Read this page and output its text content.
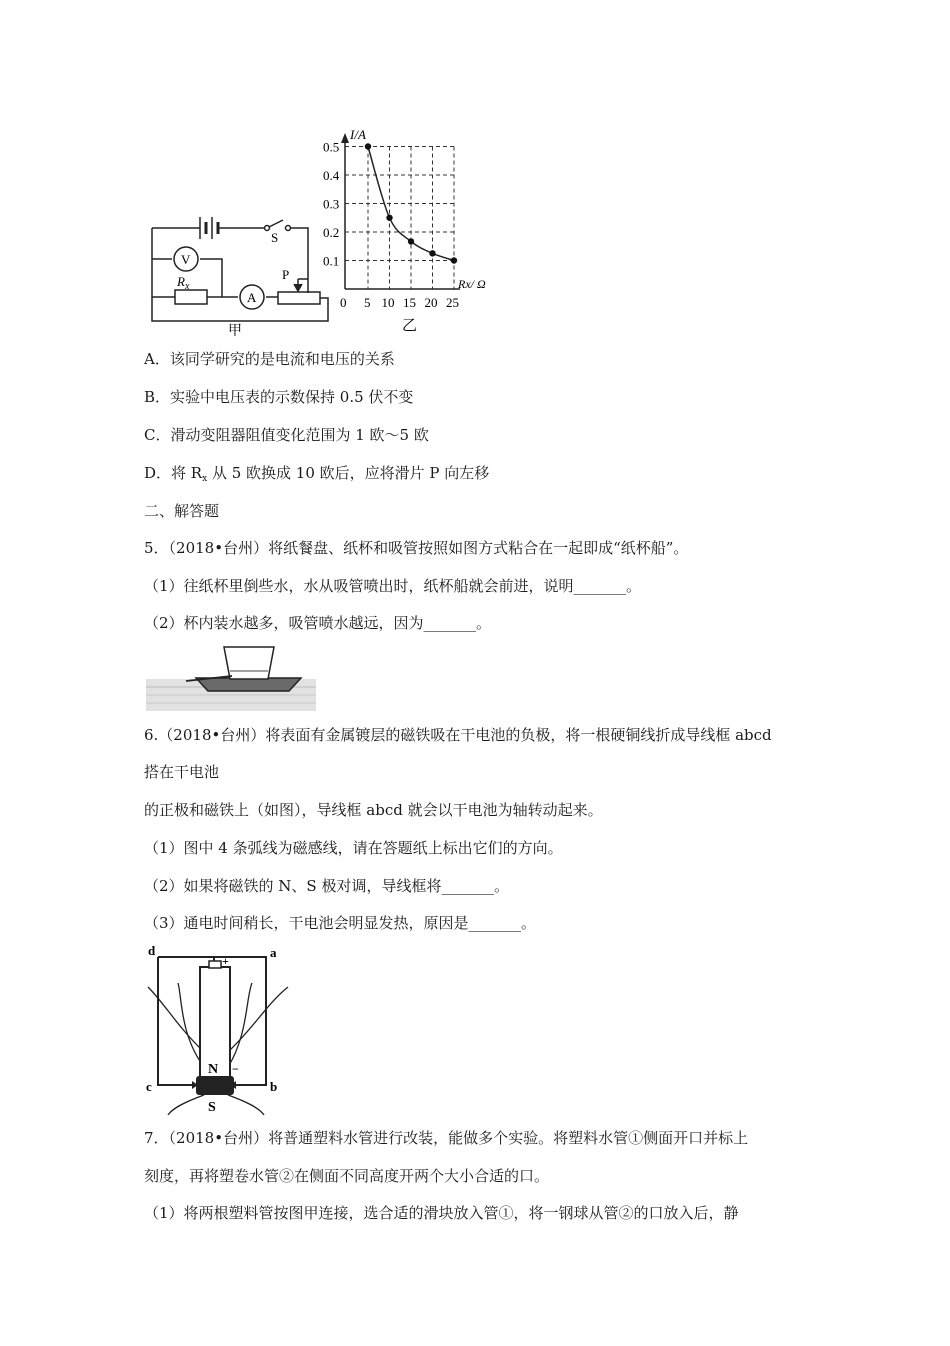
V
A
S
$R_x$
P
甲
I/A
Rx/ Ω
0
0.5
0.4
0.3
0.2
0.1
5 10 15 20 25
乙
A．该同学研究的是电流和电压的关系
B．实验中电压表的示数保持 0.5 伏不变
C．滑动变阻器阻值变化范围为 1 欧～5 欧
D．将 $R_x$ 从 5 欧换成 10 欧后，应将滑片 P 向左移
二、解答题
5．（2018•台州）将纸餐盘、纸杯和吸管按照如图方式粘合在一起即成“纸杯船”。
（1）往纸杯里倒些水，水从吸管喷出时，纸杯船就会前进，说明_______。
（2）杯内装水越多，吸管喷水越远，因为_______。
6.（2018•台州）将表面有金属镀层的磁铁吸在干电池的负极，将一根硬铜线折成导线框 abcd
搭在干电池
的正极和磁铁上（如图），导线框 abcd 就会以干电池为轴转动起来。
（1）图中 4 条弧线为磁感线，请在答题纸上标出它们的方向。
（2）如果将磁铁的 N、S 极对调，导线框将_______。
（3）通电时间稍长，干电池会明显发热，原因是_______。
d	a
c	b
+
−
N
S
7．（2018•台州）将普通塑料水管进行改装，能做多个实验。将塑料水管①侧面开口并标上
刻度，再将塑卷水管②在侧面不同高度开两个大小合适的口。
（1）将两根塑料管按图甲连接，选合适的滑块放入管①，将一钢球从管②的口放入后，静
